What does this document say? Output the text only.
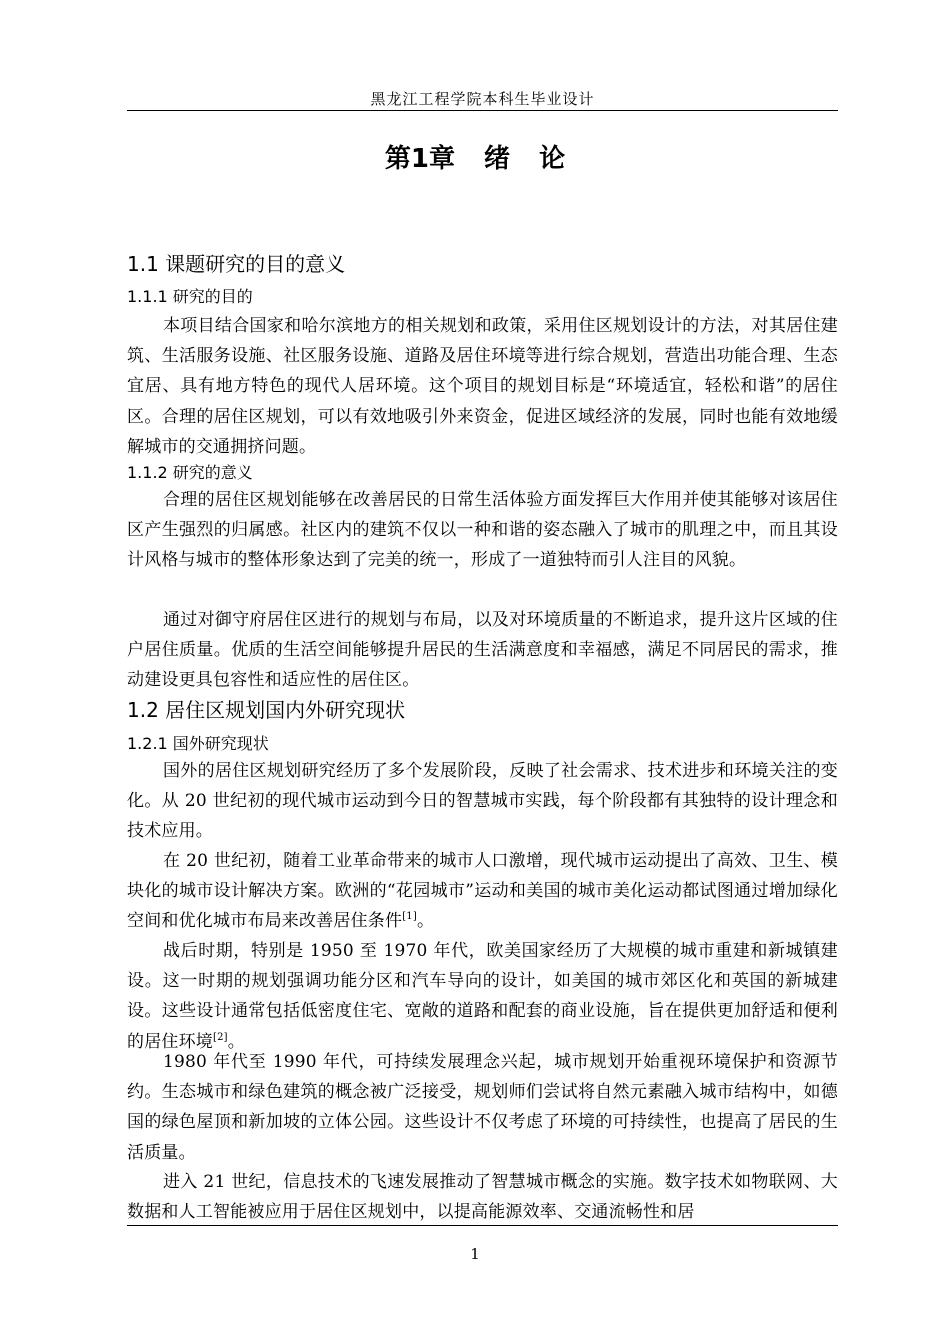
黑龙江工程学院本科生毕业设计
第1章 绪 论
1.1 课题研究的目的意义
1.1.1 研究的目的
本项目结合国家和哈尔滨地方的相关规划和政策，采用住区规划设计的方法，对其居住建筑、生活服务设施、社区服务设施、道路及居住环境等进行综合规划，营造出功能合理、生态宜居、具有地方特色的现代人居环境。这个项目的规划目标是“环境适宜，轻松和谐”的居住区。合理的居住区规划，可以有效地吸引外来资金，促进区域经济的发展，同时也能有效地缓解城市的交通拥挤问题。
1.1.2 研究的意义
合理的居住区规划能够在改善居民的日常生活体验方面发挥巨大作用并使其能够对该居住区产生强烈的归属感。社区内的建筑不仅以一种和谐的姿态融入了城市的肌理之中，而且其设计风格与城市的整体形象达到了完美的统一，形成了一道独特而引人注目的风貌。
通过对御守府居住区进行的规划与布局，以及对环境质量的不断追求，提升这片区域的住户居住质量。优质的生活空间能够提升居民的生活满意度和幸福感，满足不同居民的需求，推动建设更具包容性和适应性的居住区。
1.2 居住区规划国内外研究现状
1.2.1 国外研究现状
国外的居住区规划研究经历了多个发展阶段，反映了社会需求、技术进步和环境关注的变化。从 20 世纪初的现代城市运动到今日的智慧城市实践，每个阶段都有其独特的设计理念和技术应用。
在 20 世纪初，随着工业革命带来的城市人口激增，现代城市运动提出了高效、卫生、模块化的城市设计解决方案。欧洲的“花园城市”运动和美国的城市美化运动都试图通过增加绿化空间和优化城市布局来改善居住条件[1]。
战后时期，特别是 1950 至 1970 年代，欧美国家经历了大规模的城市重建和新城镇建设。这一时期的规划强调功能分区和汽车导向的设计，如美国的城市郊区化和英国的新城建设。这些设计通常包括低密度住宅、宽敞的道路和配套的商业设施，旨在提供更加舒适和便利的居住环境[2]。
1980 年代至 1990 年代，可持续发展理念兴起，城市规划开始重视环境保护和资源节约。生态城市和绿色建筑的概念被广泛接受，规划师们尝试将自然元素融入城市结构中，如德国的绿色屋顶和新加坡的立体公园。这些设计不仅考虑了环境的可持续性，也提高了居民的生活质量。
进入 21 世纪，信息技术的飞速发展推动了智慧城市概念的实施。数字技术如物联网、大数据和人工智能被应用于居住区规划中，以提高能源效率、交通流畅性和居
1
